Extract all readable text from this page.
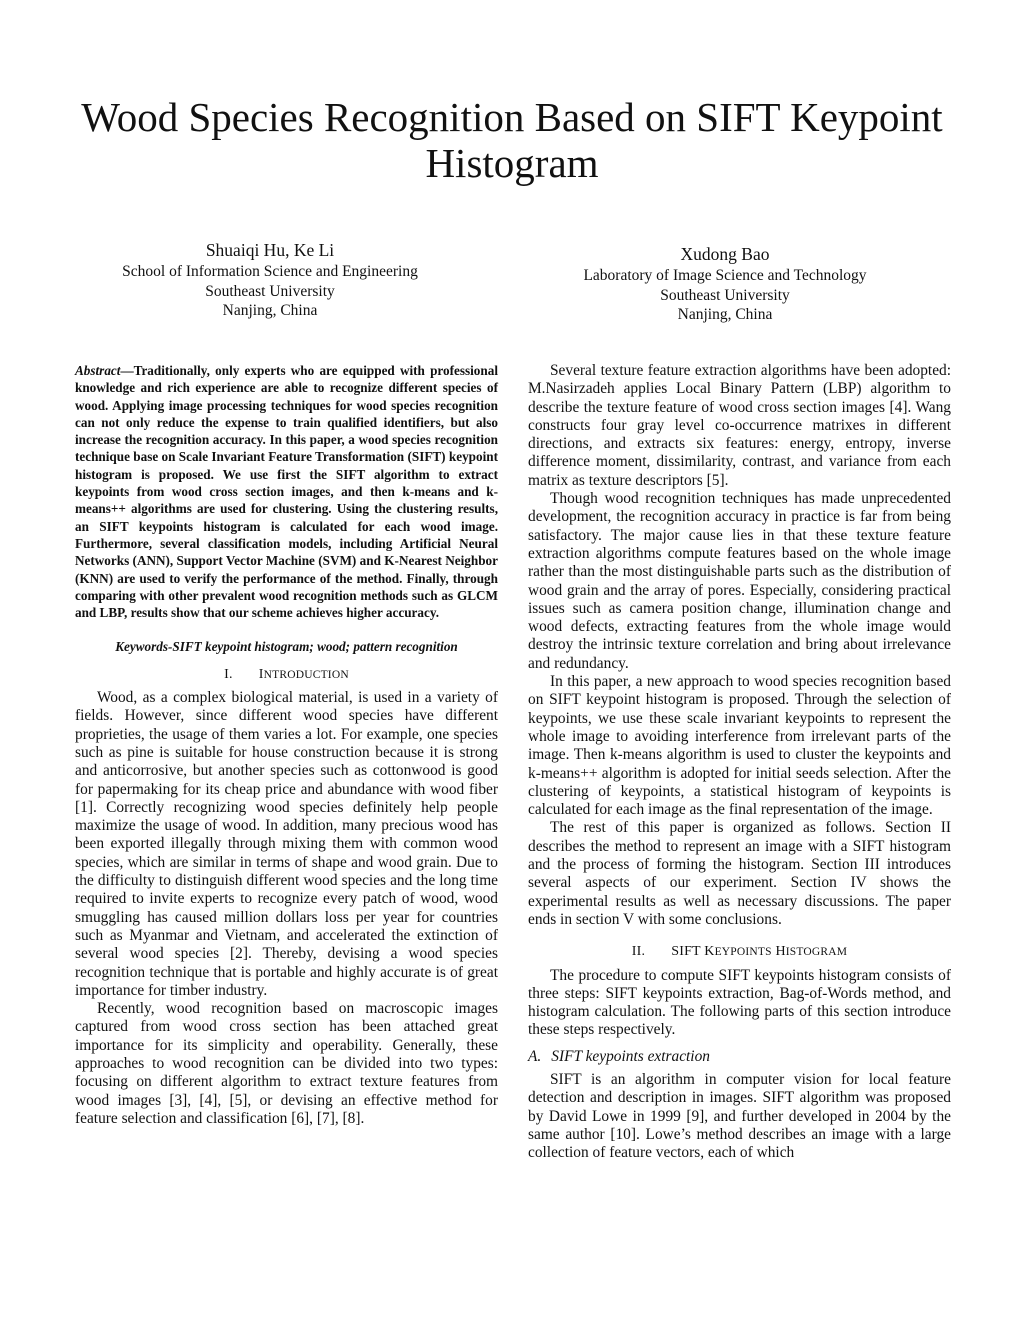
Wood Species Recognition Based on SIFT Keypoint Histogram
Shuaiqi Hu, Ke Li
School of Information Science and Engineering
Southeast University
Nanjing, China
Xudong Bao
Laboratory of Image Science and Technology
Southeast University
Nanjing, China

Abstract—Traditionally, only experts who are equipped with professional knowledge and rich experience are able to recognize different species of wood. Applying image processing techniques for wood species recognition can not only reduce the expense to train qualified identifiers, but also increase the recognition accuracy. In this paper, a wood species recognition technique base on Scale Invariant Feature Transformation (SIFT) keypoint histogram is proposed. We use first the SIFT algorithm to extract keypoints from wood cross section images, and then k-means and k-means++ algorithms are used for clustering. Using the clustering results, an SIFT keypoints histogram is calculated for each wood image. Furthermore, several classification models, including Artificial Neural Networks (ANN), Support Vector Machine (SVM) and K-Nearest Neighbor (KNN) are used to verify the performance of the method. Finally, through comparing with other prevalent wood recognition methods such as GLCM and LBP, results show that our scheme achieves higher accuracy.

Keywords-SIFT keypoint histogram; wood; pattern recognition

I. INTRODUCTION

Wood, as a complex biological material, is used in a variety of fields. However, since different wood species have different proprieties, the usage of them varies a lot. For example, one species such as pine is suitable for house construction because it is strong and anticorrosive, but another species such as cottonwood is good for papermaking for its cheap price and abundance with wood fiber [1]. Correctly recognizing wood species definitely help people maximize the usage of wood. In addition, many precious wood has been exported illegally through mixing them with common wood species, which are similar in terms of shape and wood grain. Due to the difficulty to distinguish different wood species and the long time required to invite experts to recognize every patch of wood, wood smuggling has caused million dollars loss per year for countries such as Myanmar and Vietnam, and accelerated the extinction of several wood species [2]. Thereby, devising a wood species recognition technique that is portable and highly accurate is of great importance for timber industry.

Recently, wood recognition based on macroscopic images captured from wood cross section has been attached great importance for its simplicity and operability. Generally, these approaches to wood recognition can be divided into two types: focusing on different algorithm to extract texture features from wood images [3], [4], [5], or devising an effective method for feature selection and classification [6], [7], [8].

Several texture feature extraction algorithms have been adopted: M.Nasirzadeh applies Local Binary Pattern (LBP) algorithm to describe the texture feature of wood cross section images [4]. Wang constructs four gray level co-occurrence matrixes in different directions, and extracts six features: energy, entropy, inverse difference moment, dissimilarity, contrast, and variance from each matrix as texture descriptors [5].

Though wood recognition techniques has made unprecedented development, the recognition accuracy in practice is far from being satisfactory. The major cause lies in that these texture feature extraction algorithms compute features based on the whole image rather than the most distinguishable parts such as the distribution of wood grain and the array of pores. Especially, considering practical issues such as camera position change, illumination change and wood defects, extracting features from the whole image would destroy the intrinsic texture correlation and bring about irrelevance and redundancy.

In this paper, a new approach to wood species recognition based on SIFT keypoint histogram is proposed. Through the selection of keypoints, we use these scale invariant keypoints to represent the whole image to avoiding interference from irrelevant parts of the image. Then k-means algorithm is used to cluster the keypoints and k-means++ algorithm is adopted for initial seeds selection. After the clustering of keypoints, a statistical histogram of keypoints is calculated for each image as the final representation of the image.

The rest of this paper is organized as follows. Section II describes the method to represent an image with a SIFT histogram and the process of forming the histogram. Section III introduces several aspects of our experiment. Section IV shows the experimental results as well as necessary discussions. The paper ends in section V with some conclusions.

II. SIFT KEYPOINTS HISTOGRAM

The procedure to compute SIFT keypoints histogram consists of three steps: SIFT keypoints extraction, Bag-of-Words method, and histogram calculation. The following parts of this section introduce these steps respectively.

A. SIFT keypoints extraction

SIFT is an algorithm in computer vision for local feature detection and description in images. SIFT algorithm was proposed by David Lowe in 1999 [9], and further developed in 2004 by the same author [10]. Lowe’s method describes an image with a large collection of feature vectors, each of which
